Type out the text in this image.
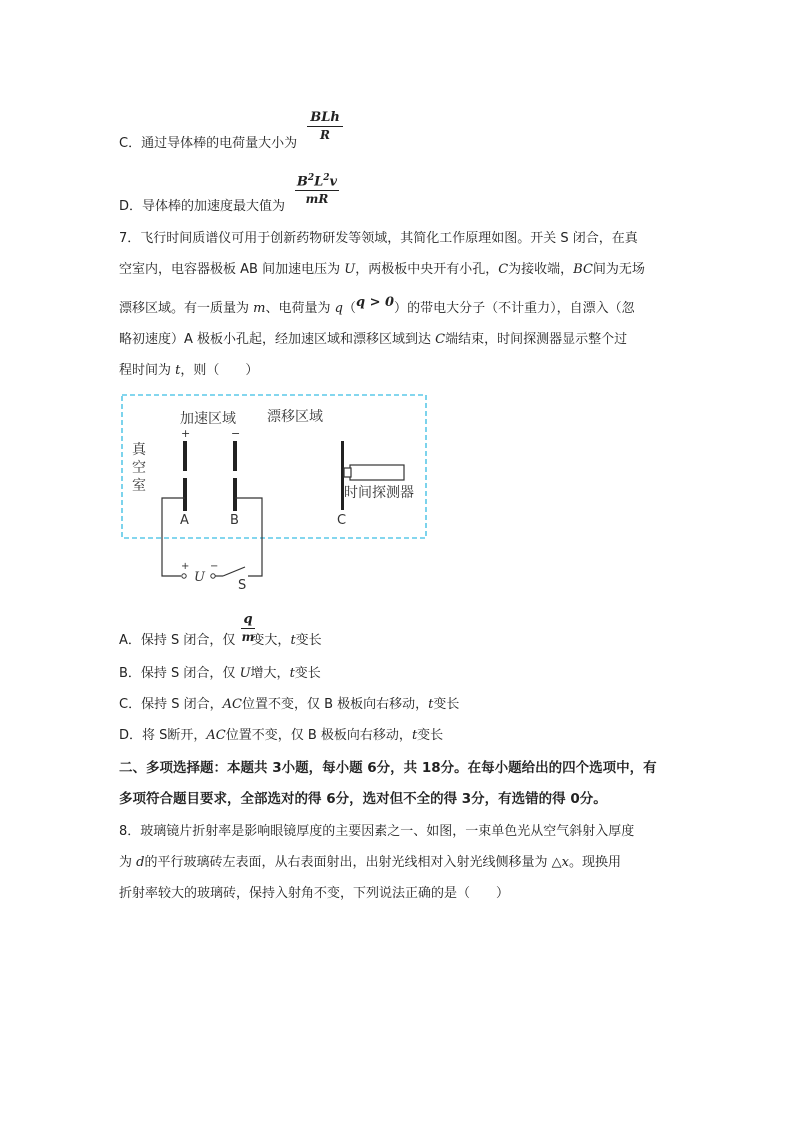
BLh
R
C．通过导体棒的电荷量大小为
$B^2L^2v$
mR
D．导体棒的加速度最大值为
7．飞行时间质谱仪可用于创新药物研发等领域，其简化工作原理如图。开关 S 闭合，在真
空室内，电容器极板 AB 间加速电压为 U，两极板中央开有小孔，C为接收端，BC间为无场
漂移区域。有一质量为 m、电荷量为 q（q > 0）的带电大分子（不计重力），自漂入（忽
略初速度）A 极板小孔起，经加速区域和漂移区域到达 C端结束，时间探测器显示整个过
程时间为 t，则（　　）
加速区域 漂移区域
真
空
室
+	−
时间探测器
A	B	C
+ −
U
S
q
m
A．保持 S 闭合，仅 变大，t变长
B．保持 S 闭合，仅 U增大，t变长
C．保持 S 闭合，AC位置不变，仅 B 极板向右移动，t变长
D．将 S断开，AC位置不变，仅 B 极板向右移动，t变长
二、多项选择题：本题共 3小题，每小题 6分，共 18分。在每小题给出的四个选项中，有
多项符合题目要求，全部选对的得 6分，选对但不全的得 3分，有选错的得 0分。
8．玻璃镜片折射率是影响眼镜厚度的主要因素之一、如图，一束单色光从空气斜射入厚度
为 d的平行玻璃砖左表面，从右表面射出，出射光线相对入射光线侧移量为 △x。现换用
折射率较大的玻璃砖，保持入射角不变，下列说法正确的是（　　）
